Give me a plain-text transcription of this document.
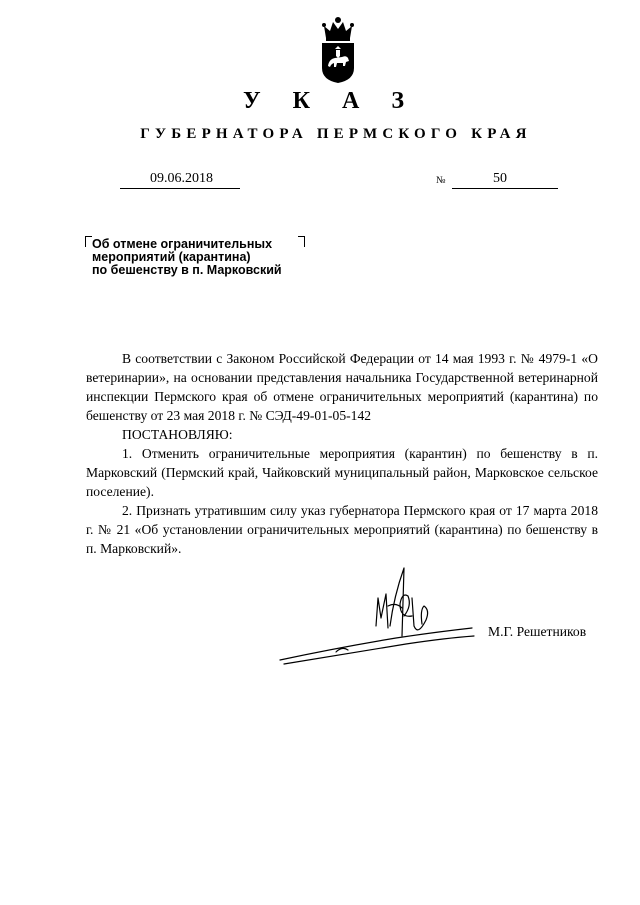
У К А З
ГУБЕРНАТОРА ПЕРМСКОГО КРАЯ
09.06.2018	№	50
Об отмене ограничительных
мероприятий (карантина)
по бешенству в п. Марковский

В соответствии с Законом Российской Федерации от 14 мая 1993 г. № 4979-1 «О ветеринарии», на основании представления начальника Государственной ветеринарной инспекции Пермского края об отмене ограничительных мероприятий (карантина) по бешенству от 23 мая 2018 г. № СЭД-49-01-05-142

ПОСТАНОВЛЯЮ:

1. Отменить ограничительные мероприятия (карантин) по бешенству в п. Марковский (Пермский край, Чайковский муниципальный район, Марковское сельское поселение).

2. Признать утратившим силу указ губернатора Пермского края от 17 марта 2018 г. № 21 «Об установлении ограничительных мероприятий (карантина) по бешенству в п. Марковский».

М.Г. Решетников
